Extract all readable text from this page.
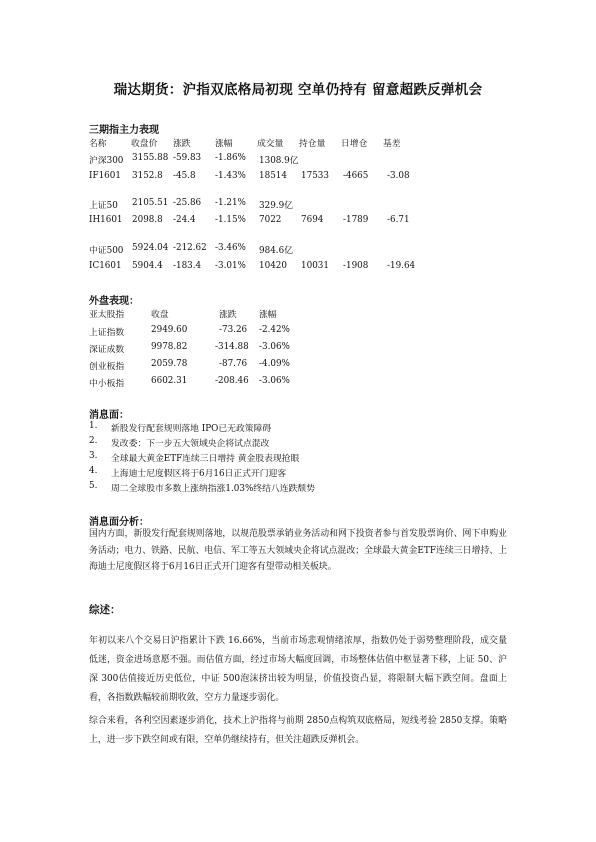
瑞达期货：沪指双底格局初现 空单仍持有 留意超跌反弹机会
三期指主力表现
名称	收盘价 涨跌	涨幅	成交量 持仓量 日增仓 基差
沪深300 3155.88 -59.83 -1.86% 1308.9亿
IF1601 3152.8 -45.8 -1.43% 18514 17533 -4665 -3.08
上证50 2105.51 -25.86 -1.21% 329.9亿
IH1601 2098.8 -24.4 -1.15% 7022 7694 -1789 -6.71
中证500 5924.04 -212.62 -3.46% 984.6亿
IC1601 5904.4 -183.4 -3.01% 10420 10031 -1908 -19.64
外盘表现：
亚太股指	收盘	涨跌	涨幅
上证指数	2949.60	-73.26 -2.42%
深证成数	9978.82	-314.88 -3.06%
创业板指	2059.78	-87.76 -4.09%
中小板指	6602.31	-208.46 -3.06%
消息面：
1. 新股发行配套规则落地 IPO已无政策障碍
2. 发改委：下一步五大领域央企将试点混改
3. 全球最大黄金ETF连续三日增持 黄金股表现抢眼
4. 上海迪士尼度假区将于6月16日正式开门迎客
5. 周二全球股市多数上涨纳指涨1.03%终结八连跌颓势
消息面分析：
国内方面，新股发行配套规则落地，以规范股票承销业务活动和网下投资者参与首发股票询价、网下申购业务活动；电力、铁路、民航、电信、军工等五大领域央企将试点混改；全球最大黄金ETF连续三日增持、上海迪士尼度假区将于6月16日正式开门迎客有望带动相关板块。
综述：
年初以来八个交易日沪指累计下跌 16.66%，当前市场悲观情绪浓厚，指数仍处于弱势整理阶段，成交量低迷，资金进场意愿不强。而估值方面，经过市场大幅度回调，市场整体估值中枢显著下移，上证 50、沪深 300估值接近历史低位，中证 500泡沫挤出较为明显，价值投资凸显，将限制大幅下跌空间。盘面上看，各指数跌幅较前期收敛，空方力量逐步弱化。
综合来看，各利空因素逐步消化，技术上沪指将与前期 2850点构筑双底格局，短线考验 2850支撑。策略上，进一步下跌空间或有限，空单仍继续持有，但关注超跌反弹机会。
